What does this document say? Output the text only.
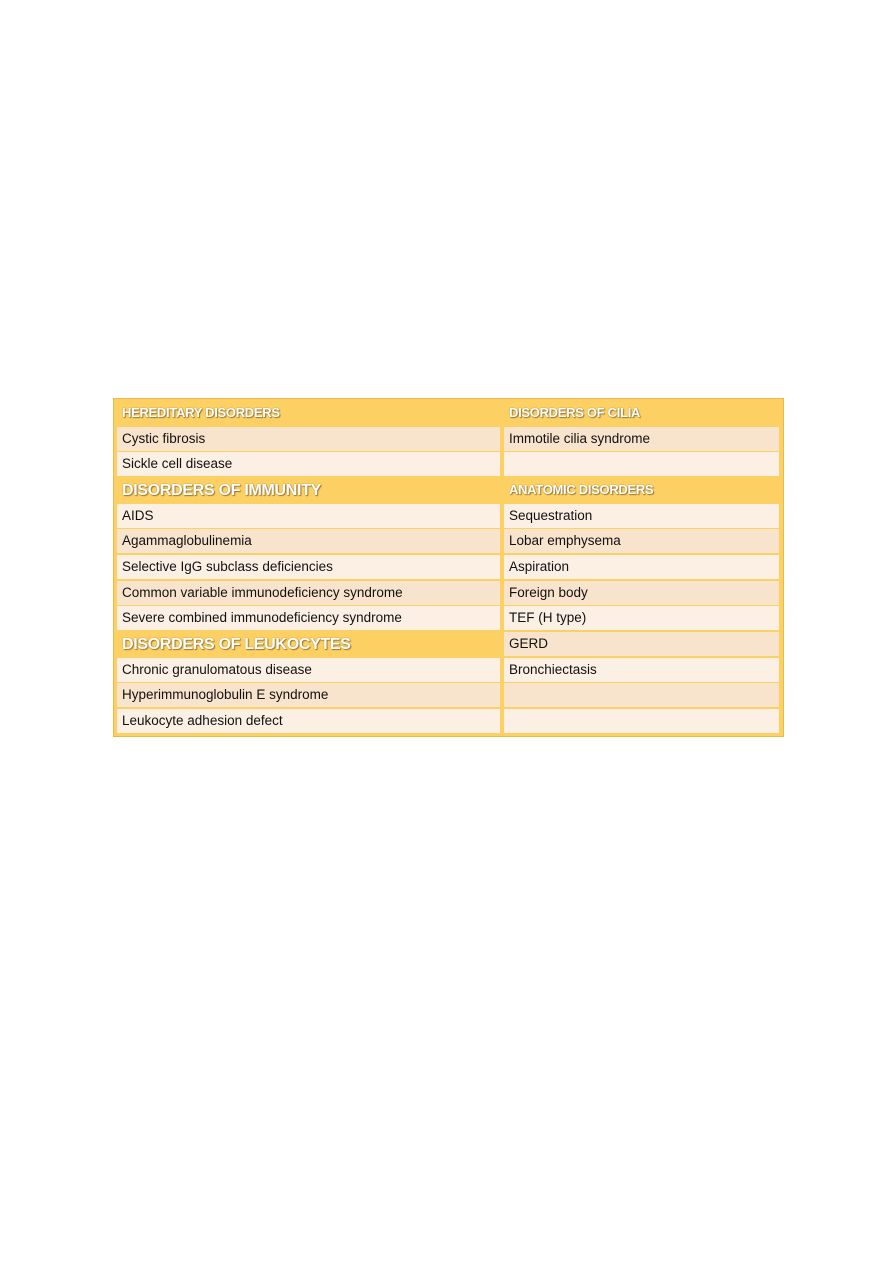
HEREDITARY DISORDERS
Cystic fibrosis
Sickle cell disease
DISORDERS OF IMMUNITY
AIDS
Agammaglobulinemia
Selective IgG subclass deficiencies
Common variable immunodeficiency syndrome
Severe combined immunodeficiency syndrome
DISORDERS OF LEUKOCYTES
Chronic granulomatous disease
Hyperimmunoglobulin E syndrome
Leukocyte adhesion defect
DISORDERS OF CILIA
Immotile cilia syndrome
ANATOMIC DISORDERS
Sequestration
Lobar emphysema
Aspiration
Foreign body
TEF (H type)
GERD
Bronchiectasis
